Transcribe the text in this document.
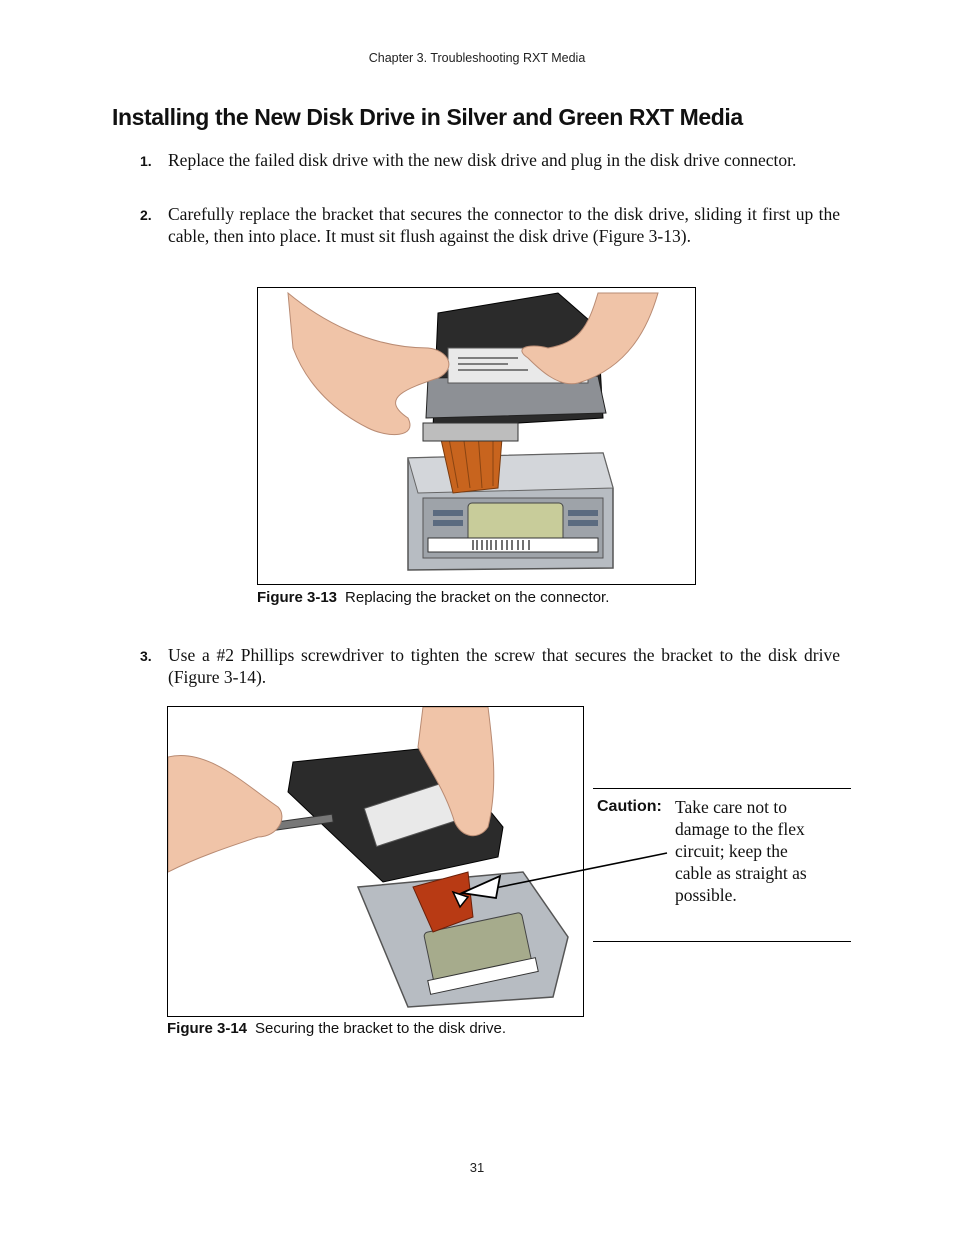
Chapter 3. Troubleshooting RXT Media
Installing the New Disk Drive in Silver and Green RXT Media
1. Replace the failed disk drive with the new disk drive and plug in the disk drive connector.
2. Carefully replace the bracket that secures the connector to the disk drive, sliding it first up the cable, then into place. It must sit flush against the disk drive (Figure 3-13).
Figure 3-13 Replacing the bracket on the connector.
3. Use a #2 Phillips screwdriver to tighten the screw that secures the bracket to the disk drive (Figure 3-14).
Figure 3-14 Securing the bracket to the disk drive.
Caution: Take care not to damage to the flex circuit; keep the cable as straight as possible.
31
